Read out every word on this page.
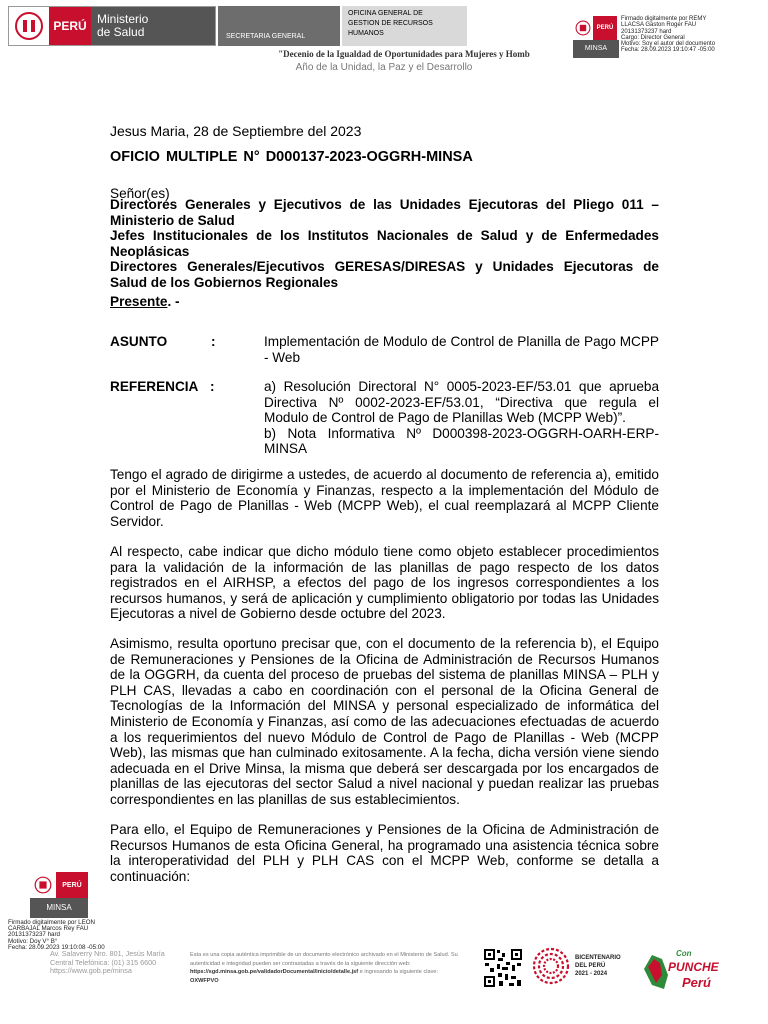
PERÚ Ministerio
de Salud	SECRETARIA GENERAL
OFICINA GENERAL DE
GESTION DE RECURSOS
HUMANOS
"Decenio de la Igualdad de Oportunidades para Mujeres y Homb
Año de la Unidad, la Paz y el Desarrollo
PERÚ
MINSA
Firmado digitalmente por REMY
LLACSA Gaston Roger FAU
20131373237 hard
Cargo: Director General
Motivo: Soy el autor del documento
Fecha: 28.09.2023 19:10:47 -05:00
Jesus Maria, 28 de Septiembre del 2023
OFICIO MULTIPLE N° D000137-2023-OGGRH-MINSA
Señor(es)
Directores Generales y Ejecutivos de las Unidades Ejecutoras del Pliego 011 – Ministerio de Salud
Jefes Institucionales de los Institutos Nacionales de Salud y de Enfermedades Neoplásicas
Directores Generales/Ejecutivos GERESAS/DIRESAS y Unidades Ejecutoras de Salud de los Gobiernos Regionales
Presente. -
ASUNTO	:	Implementación de Modulo de Control de Planilla de Pago MCPP - Web
REFERENCIA :	a) Resolución Directoral N° 0005-2023-EF/53.01 que aprueba Directiva Nº 0002-2023-EF/53.01, “Directiva que regula el Modulo de Control de Pago de Planillas Web (MCPP Web)”.
b) Nota Informativa Nº D000398-2023-OGGRH-OARH-ERP-MINSA
Tengo el agrado de dirigirme a ustedes, de acuerdo al documento de referencia a), emitido por el Ministerio de Economía y Finanzas, respecto a la implementación del Módulo de Control de Pago de Planillas - Web (MCPP Web), el cual reemplazará al MCPP Cliente Servidor.
Al respecto, cabe indicar que dicho módulo tiene como objeto establecer procedimientos para la validación de la información de las planillas de pago respecto de los datos registrados en el AIRHSP, a efectos del pago de los ingresos correspondientes a los recursos humanos, y será de aplicación y cumplimiento obligatorio por todas las Unidades Ejecutoras a nivel de Gobierno desde octubre del 2023.
Asimismo, resulta oportuno precisar que, con el documento de la referencia b), el Equipo de Remuneraciones y Pensiones de la Oficina de Administración de Recursos Humanos de la OGGRH, da cuenta del proceso de pruebas del sistema de planillas MINSA – PLH y PLH CAS, llevadas a cabo en coordinación con el personal de la Oficina General de Tecnologías de la Información del MINSA y personal especializado de informática del Ministerio de Economía y Finanzas, así como de las adecuaciones efectuadas de acuerdo a los requerimientos del nuevo Módulo de Control de Pago de Planillas - Web (MCPP Web), las mismas que han culminado exitosamente. A la fecha, dicha versión viene siendo adecuada en el Drive Minsa, la misma que deberá ser descargada por los encargados de planillas de las ejecutoras del sector Salud a nivel nacional y puedan realizar las pruebas correspondientes en las planillas de sus establecimientos.
Para ello, el Equipo de Remuneraciones y Pensiones de la Oficina de Administración de Recursos Humanos de esta Oficina General, ha programado una asistencia técnica sobre la interoperatividad del PLH y PLH CAS con el MCPP Web, conforme se detalla a continuación:
PERÚ
MINSA
Firmado digitalmente por LEON
CARBAJAL Marcos Rey FAU
20131373237 hard
Motivo: Doy V° B°
Fecha: 28.09.2023 19:10:08 -05:00
Av. Salaverry Nro. 801, Jesús María
Central Telefónica: (01) 315 6600
https://www.gob.pe/minsa
Esta es una copia auténtica imprimible de un documento electrónico archivado en el Ministerio de Salud. Su autenticidad e integridad pueden ser contrastadas a través de la siguiente dirección web: https://sgd.minsa.gob.pe/validadorDocumental/inicio/detalle.jsf e ingresando la siguiente clave: OXWFPVO
BICENTENARIO
DEL PERÚ
2021 - 2024
Con
PUNCHE
Perú
